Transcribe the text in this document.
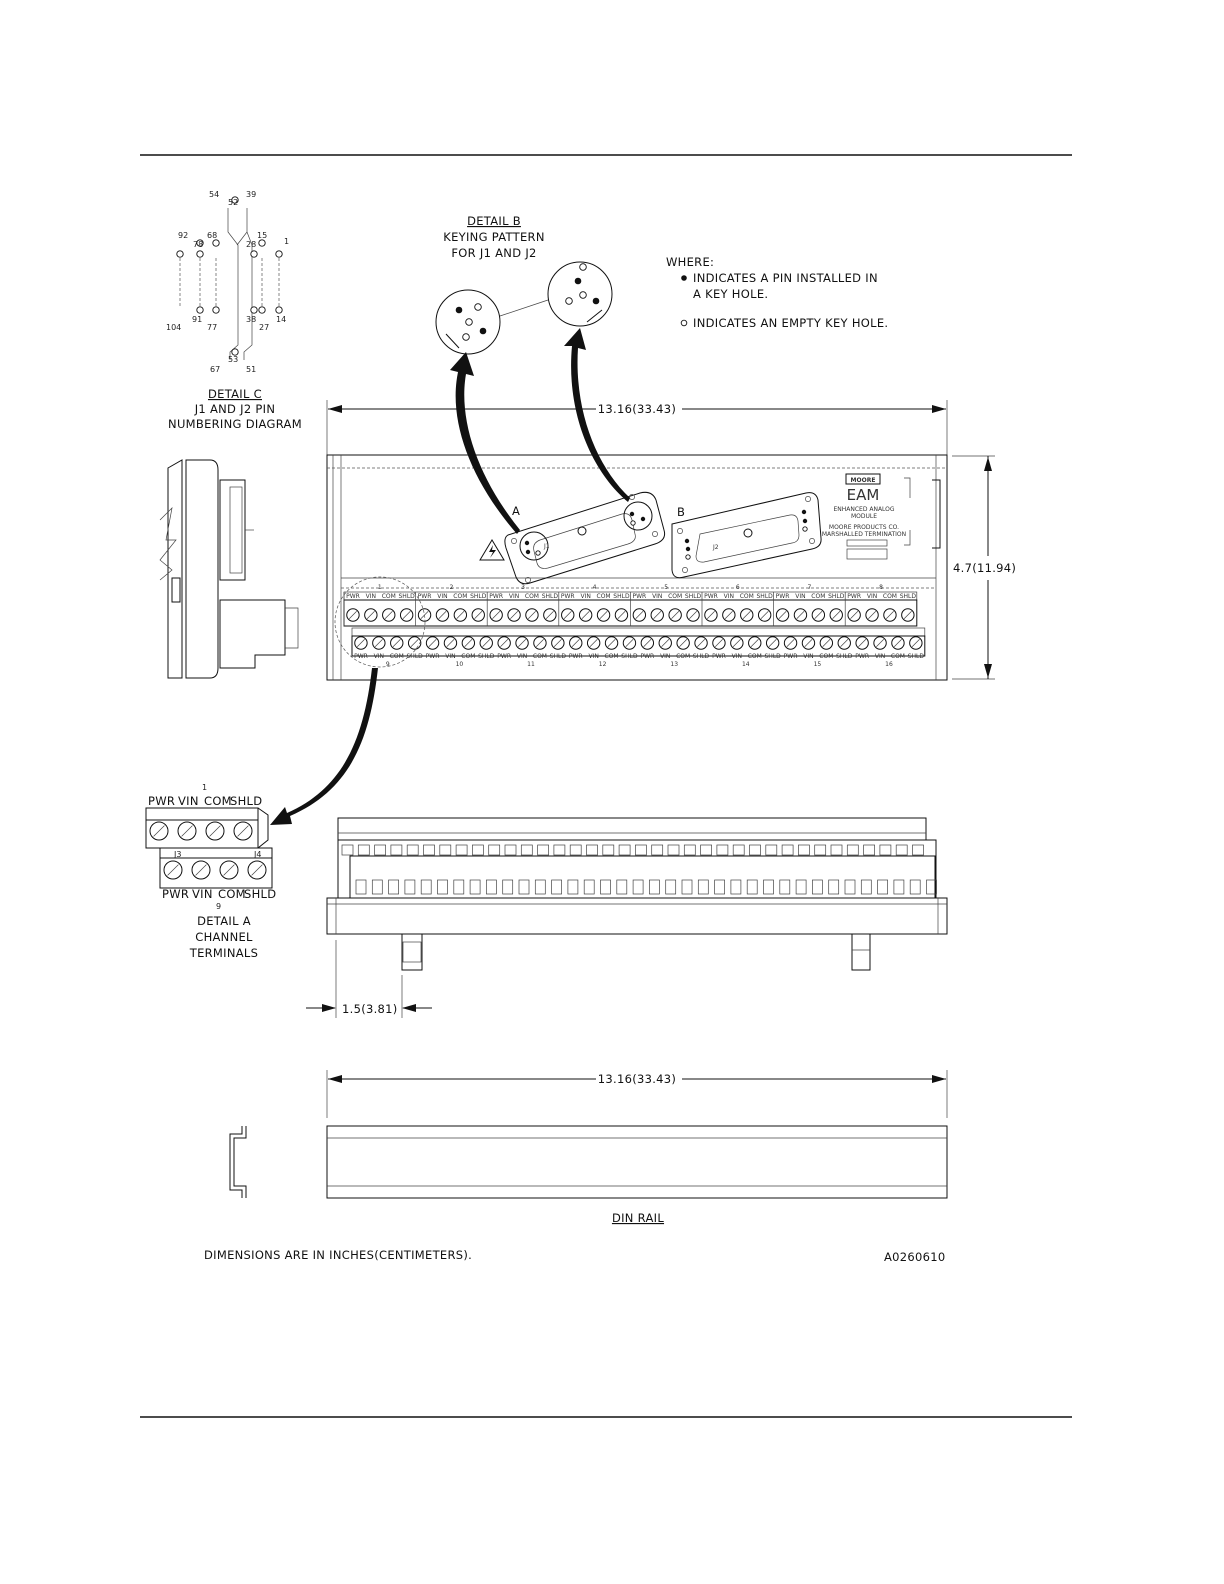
54
52
39
92
78
68	15
28	1
104
91
77
38
27
14
67
53
51
DETAIL C
J1 AND J2 PIN
NUMBERING DIAGRAM
DETAIL B
KEYING PATTERN
FOR J1 AND J2
WHERE:
INDICATES A PIN INSTALLED IN
A KEY HOLE.
INDICATES AN EMPTY KEY HOLE.
13.16(33.43)
4.7(11.94)
A
J1
B
J2
MOORE
EAM
ENHANCED ANALOG
MODULE
MOORE PRODUCTS CO.
MARSHALLED TERMINATION
1
9
PWR
PWR
VIN
VIN
COM
COM
SHLD
SHLD
2
10
PWR
PWR
VIN
VIN
COM
COM
SHLD
SHLD
3
11
PWR
PWR
VIN
VIN
COM
COM
SHLD
SHLD
4
12
PWR
PWR
VIN
VIN
COM
COM
SHLD
SHLD
5
13
PWR
PWR
VIN
VIN
COM
COM
SHLD
SHLD
6
14
PWR
PWR
VIN
VIN
COM
COM
SHLD
SHLD
7
15
PWR
PWR
VIN
VIN
COM
COM
SHLD
SHLD
8
16
PWR
PWR
VIN
VIN
COM
COM
SHLD
SHLD
1
PWR VIN COM
SHLD
J3	J4
PWR VIN COM
SHLD
9
DETAIL A
CHANNEL
TERMINALS
1.5(3.81)
13.16(33.43)
DIN RAIL
DIMENSIONS ARE IN INCHES(CENTIMETERS).	A0260610
